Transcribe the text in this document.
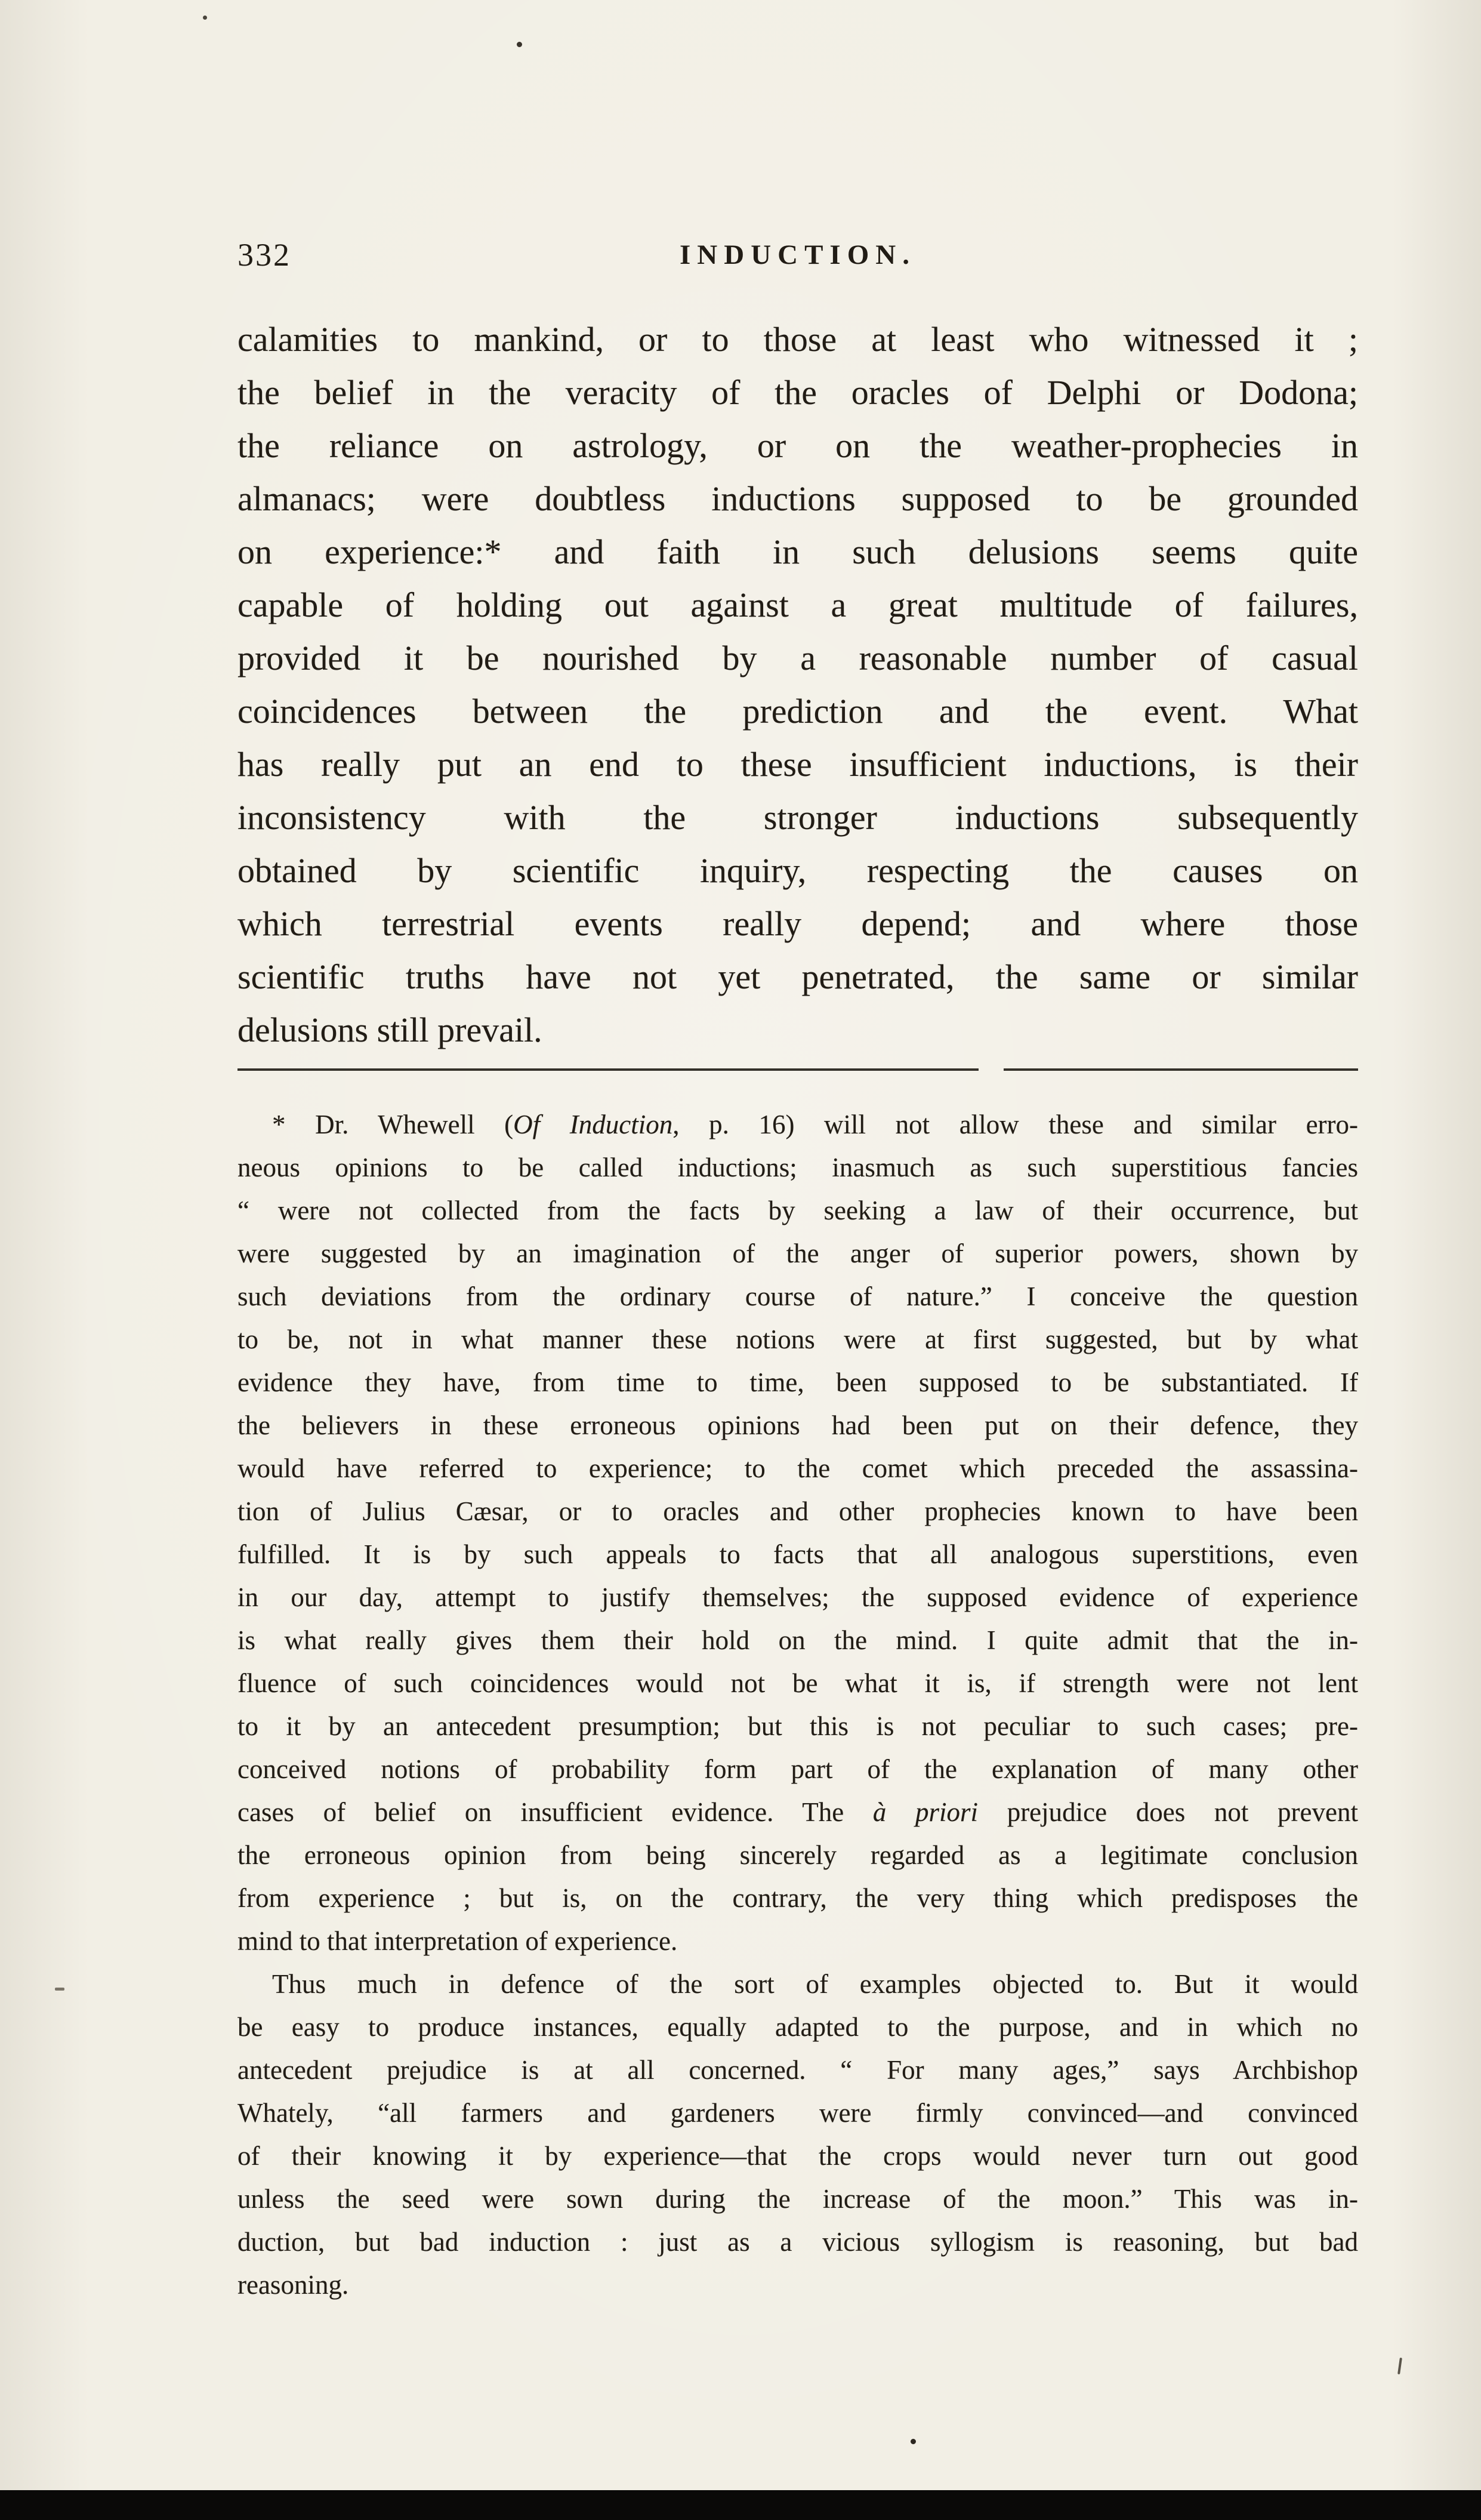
332	INDUCTION.
calamities to mankind, or to those at least who witnessed it ;
the belief in the veracity of the oracles of Delphi or Dodona;
the reliance on astrology, or on the weather-prophecies in
almanacs; were doubtless inductions supposed to be grounded
on experience:* and faith in such delusions seems quite
capable of holding out against a great multitude of failures,
provided it be nourished by a reasonable number of casual
coincidences between the prediction and the event. What
has really put an end to these insufficient inductions, is their
inconsistency with the stronger inductions subsequently
obtained by scientific inquiry, respecting the causes on
which terrestrial events really depend; and where those
scientific truths have not yet penetrated, the same or similar
delusions still prevail.
* Dr. Whewell (Of Induction, p. 16) will not allow these and similar erro-
neous opinions to be called inductions; inasmuch as such superstitious fancies
“ were not collected from the facts by seeking a law of their occurrence, but
were suggested by an imagination of the anger of superior powers, shown by
such deviations from the ordinary course of nature.” I conceive the question
to be, not in what manner these notions were at first suggested, but by what
evidence they have, from time to time, been supposed to be substantiated. If
the believers in these erroneous opinions had been put on their defence, they
would have referred to experience; to the comet which preceded the assassina-
tion of Julius Cæsar, or to oracles and other prophecies known to have been
fulfilled. It is by such appeals to facts that all analogous superstitions, even
in our day, attempt to justify themselves; the supposed evidence of experience
is what really gives them their hold on the mind. I quite admit that the in-
fluence of such coincidences would not be what it is, if strength were not lent
to it by an antecedent presumption; but this is not peculiar to such cases; pre-
conceived notions of probability form part of the explanation of many other
cases of belief on insufficient evidence. The à priori prejudice does not prevent
the erroneous opinion from being sincerely regarded as a legitimate conclusion
from experience ; but is, on the contrary, the very thing which predisposes the
mind to that interpretation of experience.
Thus much in defence of the sort of examples objected to. But it would
be easy to produce instances, equally adapted to the purpose, and in which no
antecedent prejudice is at all concerned. “ For many ages,” says Archbishop
Whately, “all farmers and gardeners were firmly convinced—and convinced
of their knowing it by experience—that the crops would never turn out good
unless the seed were sown during the increase of the moon.” This was in-
duction, but bad induction : just as a vicious syllogism is reasoning, but bad
reasoning.
